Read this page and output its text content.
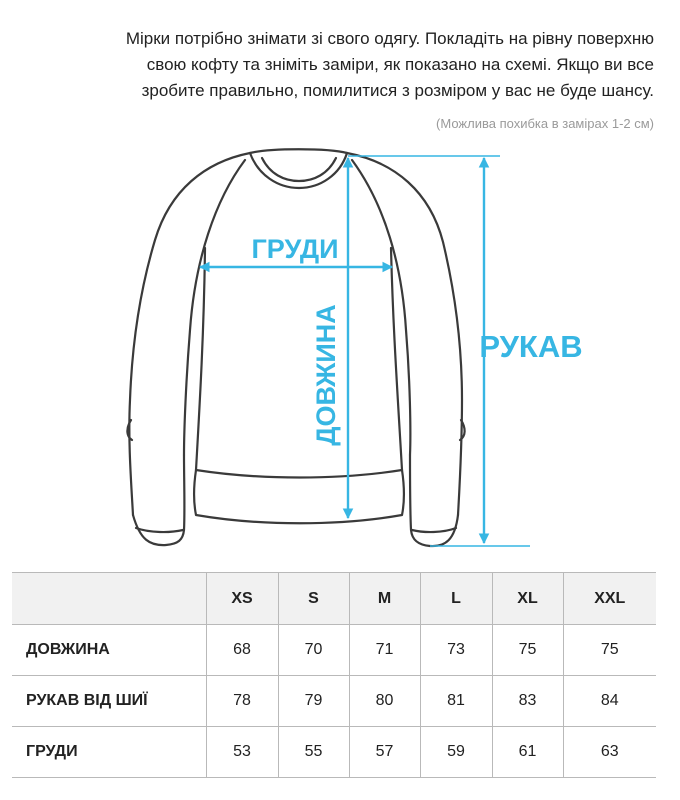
Мірки потрібно знімати зі свого одягу. Покладіть на рівну поверхню
свою кофту та зніміть заміри, як показано на схемі. Якщо ви все
зробите правильно, помилитися з розміром у вас не буде шансу.

(Можлива похибка в замірах 1-2 см)

ГРУДИ
ДОВЖИНА	РУКАВ
	XS	S	M	L	XL	XXL
ДОВЖИНА	68	70	71	73	75	75
РУКАВ ВІД ШИЇ	78	79	80	81	83	84
ГРУДИ	53	55	57	59	61	63
